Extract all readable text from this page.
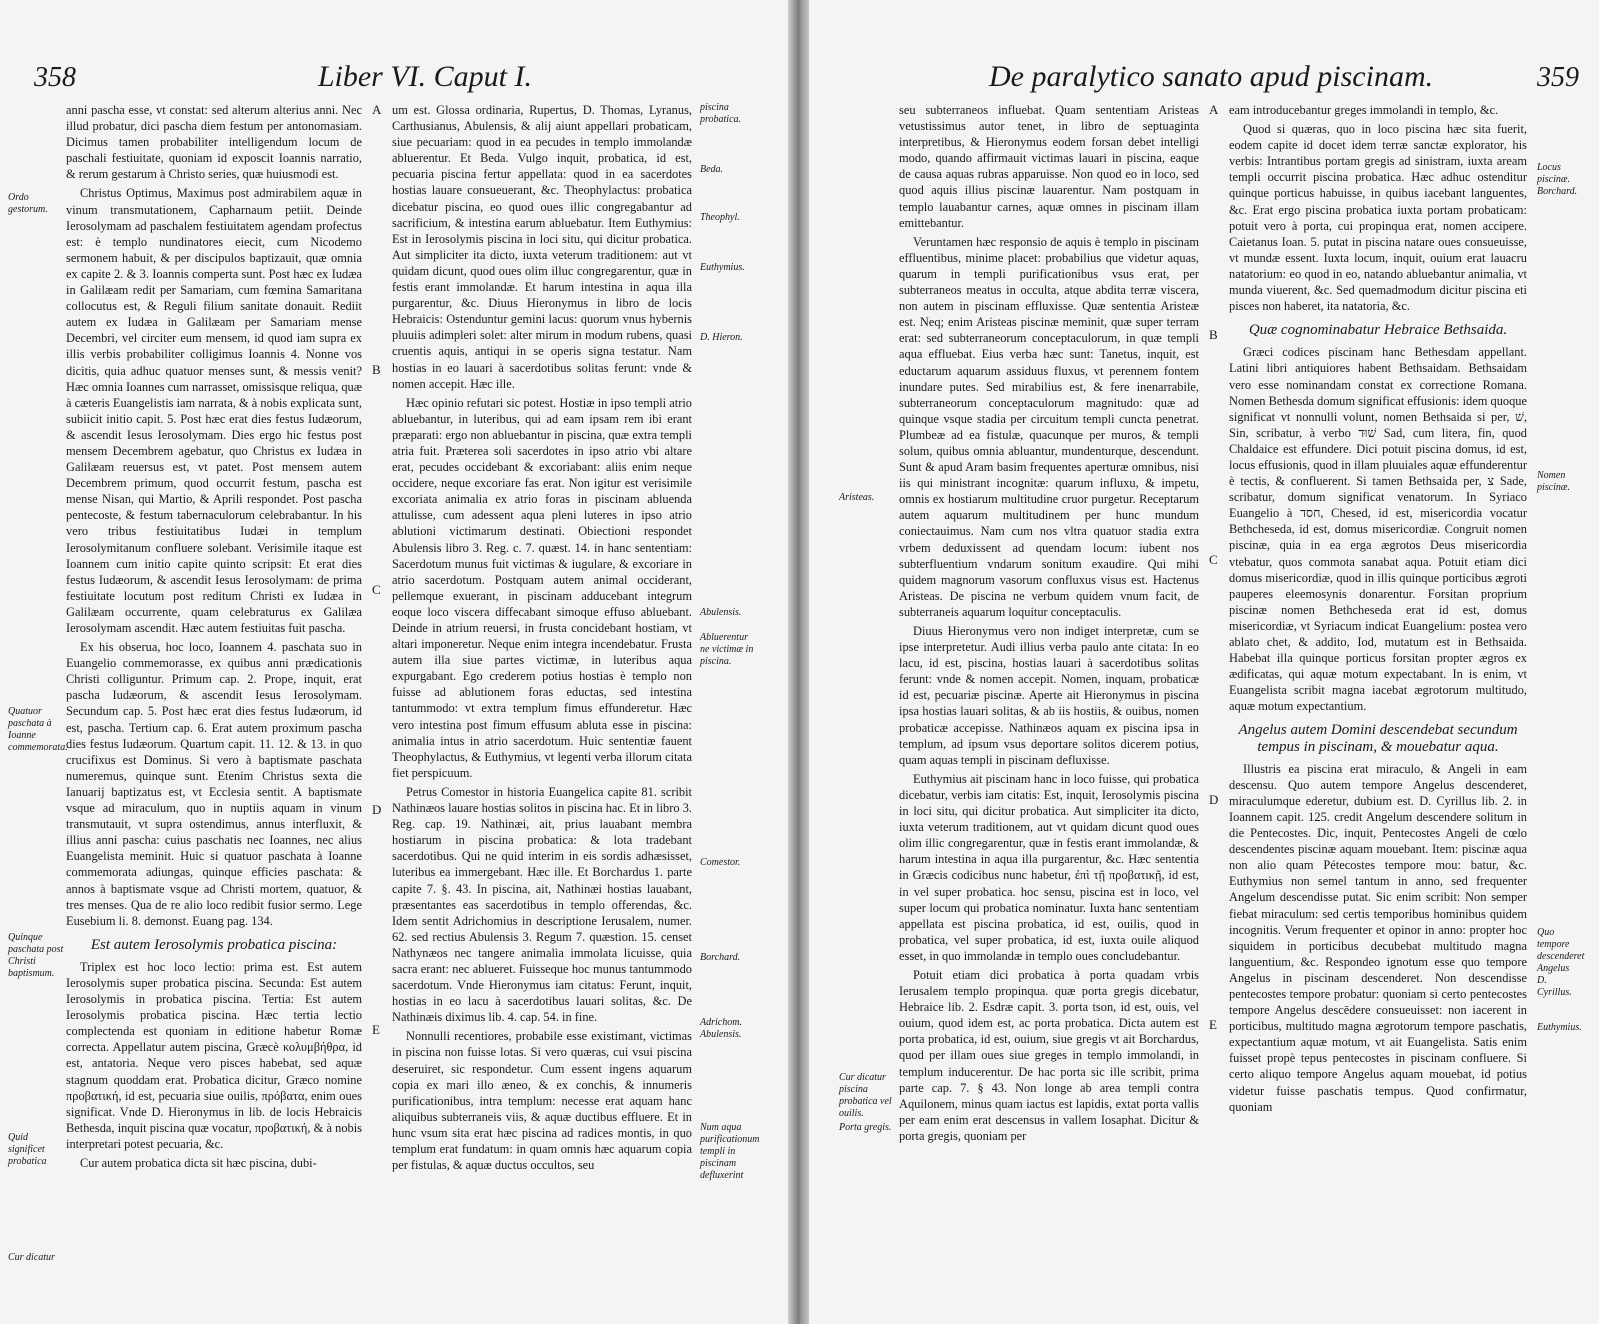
358	Liber VI. Caput I.
Ordo gestorum.
Quatuor paschata à Ioanne commemorata.
Quinque paschata post Christi baptismum.
Quid significet probatica
Cur dicatur

anni pascha esse, vt constat: sed alterum alterius anni. Nec illud probatur, dici pascha diem festum per antonomasiam. Dicimus tamen probabiliter intelligendum locum de paschali festiuitate, quoniam id exposcit Ioannis narratio, & rerum gestarum à Christo series, quæ huiusmodi est.

Christus Optimus, Maximus post admirabilem aquæ in vinum transmutationem, Capharnaum petiit. Deinde Ierosolymam ad paschalem festiuitatem agendam profectus est: è templo nundinatores eiecit, cum Nicodemo sermonem habuit, & per discipulos baptizauit, quæ omnia ex capite 2. & 3. Ioannis comperta sunt. Post hæc ex Iudæa in Galilæam redit per Samariam, cum fœmina Samaritana collocutus est, & Reguli filium sanitate donauit. Rediit autem ex Iudæa in Galilæam per Samariam mense Decembri, vel circiter eum mensem, id quod iam supra ex illis verbis probabiliter colligimus Ioannis 4. Nonne vos dicitis, quia adhuc quatuor menses sunt, & messis venit? Hæc omnia Ioannes cum narrasset, omissisque reliqua, quæ à cæteris Euangelistis iam narrata, & à nobis explicata sunt, subiicit initio capit. 5. Post hæc erat dies festus Iudæorum, & ascendit Iesus Ierosolymam. Dies ergo hic festus post mensem Decembrem agebatur, quo Christus ex Iudæa in Galilæam reuersus est, vt patet. Post mensem autem Decembrem primum, quod occurrit festum, pascha est mense Nisan, qui Martio, & Aprili respondet. Post pascha pentecoste, & festum tabernaculorum celebrabantur. In his vero tribus festiuitatibus Iudæi in templum Ierosolymitanum confluere solebant. Verisimile itaque est Ioannem cum initio capite quinto scripsit: Et erat dies festus Iudæorum, & ascendit Iesus Ierosolymam: de prima festiuitate locutum post reditum Christi ex Iudæa in Galilæam occurrente, quam celebraturus ex Galilæa Ierosolymam ascendit. Hæc autem festiuitas fuit pascha.

Ex his obserua, hoc loco, Ioannem 4. paschata suo in Euangelio commemorasse, ex quibus anni prædicationis Christi colliguntur. Primum cap. 2. Prope, inquit, erat pascha Iudæorum, & ascendit Iesus Ierosolymam. Secundum cap. 5. Post hæc erat dies festus Iudæorum, id est, pascha. Tertium cap. 6. Erat autem proximum pascha dies festus Iudæorum. Quartum capit. 11. 12. & 13. in quo crucifixus est Dominus. Si vero à baptismate paschata numeremus, quinque sunt. Etenim Christus sexta die Ianuarij baptizatus est, vt Ecclesia sentit. A baptismate vsque ad miraculum, quo in nuptiis aquam in vinum transmutauit, vt supra ostendimus, annus interfluxit, & illius anni pascha: cuius paschatis nec Ioannes, nec alius Euangelista meminit. Huic si quatuor paschata à Ioanne commemorata adiungas, quinque efficies paschata: & annos à baptismate vsque ad Christi mortem, quatuor, & tres menses. Qua de re alio loco redibit fusior sermo. Lege Eusebium li. 8. demonst. Euang pag. 134.

Est autem Ierosolymis probatica piscina:

Triplex est hoc loco lectio: prima est. Est autem Ierosolymis super probatica piscina. Secunda: Est autem Ierosolymis in probatica piscina. Tertia: Est autem Ierosolymis probatica piscina. Hæc tertia lectio complectenda est quoniam in editione habetur Romæ correcta. Appellatur autem piscina, Græcè κολυμβήθρα, id est, antatoria. Neque vero pisces habebat, sed aquæ stagnum quoddam erat. Probatica dicitur, Græco nomine προβατική, id est, pecuaria siue ouilis, πρόβατα, enim oues significat. Vnde D. Hieronymus in lib. de locis Hebraicis Bethesda, inquit piscina quæ vocatur, προβατική, & à nobis interpretari potest pecuaria, &c.

Cur autem probatica dicta sit hæc piscina, dubi-

A
B
C
D
E

um est. Glossa ordinaria, Rupertus, D. Thomas, Lyranus, Carthusianus, Abulensis, & alij aiunt appellari probaticam, siue pecuariam: quod in ea pecudes in templo immolandæ abluerentur. Et Beda. Vulgo inquit, probatica, id est, pecuaria piscina fertur appellata: quod in ea sacerdotes hostias lauare consueuerant, &c. Theophylactus: probatica dicebatur piscina, eo quod oues illic congregabantur ad sacrificium, & intestina earum abluebatur. Item Euthymius: Est in Ierosolymis piscina in loci situ, qui dicitur probatica. Aut simpliciter ita dicto, iuxta veterum traditionem: aut vt quidam dicunt, quod oues olim illuc congregarentur, quæ in festis erant immolandæ. Et harum intestina in aqua illa purgarentur, &c. Diuus Hieronymus in libro de locis Hebraicis: Ostenduntur gemini lacus: quorum vnus hybernis pluuiis adimpleri solet: alter mirum in modum rubens, quasi cruentis aquis, antiqui in se operis signa testatur. Nam hostias in eo lauari à sacerdotibus solitas ferunt: vnde & nomen accepit. Hæc ille.

Hæc opinio refutari sic potest. Hostiæ in ipso templi atrio abluebantur, in luteribus, qui ad eam ipsam rem ibi erant præparati: ergo non abluebantur in piscina, quæ extra templi atria fuit. Præterea soli sacerdotes in ipso atrio vbi altare erat, pecudes occidebant & excoriabant: aliis enim neque occidere, neque excoriare fas erat. Non igitur est verisimile excoriata animalia ex atrio foras in piscinam abluenda attulisse, cum adessent aqua pleni luteres in ipso atrio ablutioni victimarum destinati. Obiectioni respondet Abulensis libro 3. Reg. c. 7. quæst. 14. in hanc sententiam: Sacerdotum munus fuit victimas & iugulare, & excoriare in atrio sacerdotum. Postquam autem animal occiderant, pellemque exuerant, in piscinam adducebant integrum eoque loco viscera diffecabant simoque effuso abluebant. Deinde in atrium reuersi, in frusta concidebant hostiam, vt altari imponeretur. Neque enim integra incendebatur. Frusta autem illa siue partes victimæ, in luteribus aqua expurgabant. Ego crederem potius hostias è templo non fuisse ad ablutionem foras eductas, sed intestina tantummodo: vt extra templum fimus effunderetur. Hæc vero intestina post fimum effusum abluta esse in piscina: animalia intus in atrio sacerdotum. Huic sententiæ fauent Theophylactus, & Euthymius, vt legenti verba illorum citata fiet perspicuum.

Petrus Comestor in historia Euangelica capite 81. scribit Nathinæos lauare hostias solitos in piscina hac. Et in libro 3. Reg. cap. 19. Nathinæi, ait, prius lauabant membra hostiarum in piscina probatica: & lota tradebant sacerdotibus. Qui ne quid interim in eis sordis adhæsisset, luteribus ea immergebant. Hæc ille. Et Borchardus 1. parte capite 7. §. 43. In piscina, ait, Nathinæi hostias lauabant, præsentantes eas sacerdotibus in templo offerendas, &c. Idem sentit Adrichomius in descriptione Ierusalem, numer. 62. sed rectius Abulensis 3. Regum 7. quæstion. 15. censet Nathynæos nec tangere animalia immolata licuisse, quia sacra erant: nec ablueret. Fuisseque hoc munus tantummodo sacerdotum. Vnde Hieronymus iam citatus: Ferunt, inquit, hostias in eo lacu à sacerdotibus lauari solitas, &c. De Nathinæis diximus lib. 4. cap. 54. in fine.

Nonnulli recentiores, probabile esse existimant, victimas in piscina non fuisse lotas. Si vero quæras, cui vsui piscina deseruiret, sic respondetur. Cum essent ingens aquarum copia ex mari illo æneo, & ex conchis, & innumeris purificationibus, intra templum: necesse erat aquam hanc aliquibus subterraneis viis, & aquæ ductibus effluere. Et in hunc vsum sita erat hæc piscina ad radices montis, in quo templum erat fundatum: in quam omnis hæc aquarum copia per fistulas, & aquæ ductus occultos, seu

piscina probatica.
Beda.
Theophyl.
Euthymius.
D. Hieron.
Abulensis.
Abluerentur ne victimæ in piscina.
Comestor.
Borchard.
Adrichom. Abulensis.
Num aqua purificationum templi in piscinam defluxerint
De paralytico sanato apud piscinam.	359
Aristeas.
Cur dicatur piscina probatica vel ouilis.
Porta gregis.

seu subterraneos influebat. Quam sententiam Aristeas vetustissimus autor tenet, in libro de septuaginta interpretibus, & Hieronymus eodem forsan debet intelligi modo, quando affirmauit victimas lauari in piscina, eaque de causa aquas rubras apparuisse. Non quod eo in loco, sed quod aquis illius piscinæ lauarentur. Nam postquam in templo lauabantur carnes, aquæ omnes in piscinam illam emittebantur.

Veruntamen hæc responsio de aquis è templo in piscinam effluentibus, minime placet: probabilius que videtur aquas, quarum in templi purificationibus vsus erat, per subterraneos meatus in occulta, atque abdita terræ viscera, non autem in piscinam effluxisse. Quæ sententia Aristeæ est. Neq; enim Aristeas piscinæ meminit, quæ super terram erat: sed subterraneorum conceptaculorum, in quæ templi aqua effluebat. Eius verba hæc sunt: Tanetus, inquit, est eductarum aquarum assiduus fluxus, vt perennem fontem inundare putes. Sed mirabilius est, & fere inenarrabile, subterraneorum conceptaculorum magnitudo: quæ ad quinque vsque stadia per circuitum templi cuncta penetrat. Plumbeæ ad ea fistulæ, quacunque per muros, & templi solum, quibus omnia abluantur, mundenturque, descendunt. Sunt & apud Aram basim frequentes aperturæ omnibus, nisi iis qui ministrant incognitæ: quarum influxu, & impetu, omnis ex hostiarum multitudine cruor purgetur. Receptarum autem aquarum multitudinem per hunc mundum coniectauimus. Nam cum nos vltra quatuor stadia extra vrbem deduxissent ad quendam locum: iubent nos subterfluentium vndarum sonitum exaudire. Qui mihi quidem magnorum vasorum confluxus visus est. Hactenus Aristeas. De piscina ne verbum quidem vnum facit, de subterraneis aquarum loquitur conceptaculis.

Diuus Hieronymus vero non indiget interpretæ, cum se ipse interpretetur. Audi illius verba paulo ante citata: In eo lacu, id est, piscina, hostias lauari à sacerdotibus solitas ferunt: vnde & nomen accepit. Nomen, inquam, probaticæ id est, pecuariæ piscinæ. Aperte ait Hieronymus in piscina ipsa hostias lauari solitas, & ab iis hostiis, & ouibus, nomen probaticæ accepisse. Nathinæos aquam ex piscina ipsa in templum, ad ipsum vsus deportare solitos dicerem potius, quam aquas templi in piscinam defluxisse.

Euthymius ait piscinam hanc in loco fuisse, qui probatica dicebatur, verbis iam citatis: Est, inquit, Ierosolymis piscina in loci situ, qui dicitur probatica. Aut simpliciter ita dicto, iuxta veterum traditionem, aut vt quidam dicunt quod oues olim illic congregarentur, quæ in festis erant immolandæ, & harum intestina in aqua illa purgarentur, &c. Hæc sententia in Græcis codicibus nunc habetur, ἐπὶ τῇ προβατικῇ, id est, in vel super probatica. hoc sensu, piscina est in loco, vel super locum qui probatica nominatur. Iuxta hanc sententiam appellata est piscina probatica, id est, ouilis, quod in probatica, vel super probatica, id est, iuxta ouile aliquod esset, in quo immolandæ in templo oues concludebantur.

Potuit etiam dici probatica à porta quadam vrbis Ierusalem templo propinqua. quæ porta gregis dicebatur, Hebraice lib. 2. Esdræ capit. 3. porta tson, id est, ouis, vel ouium, quod idem est, ac porta probatica. Dicta autem est porta probatica, id est, ouium, siue gregis vt ait Borchardus, quod per illam oues siue greges in templo immolandi, in templum inducerentur. De hac porta sic ille scribit, prima parte cap. 7. § 43. Non longe ab area templi contra Aquilonem, minus quam iactus est lapidis, extat porta vallis per eam enim erat descensus in vallem Iosaphat. Dicitur & porta gregis, quoniam per

A
B
C
D
E

eam introducebantur greges immolandi in templo, &c.

Quod si quæras, quo in loco piscina hæc sita fuerit, eodem capite id docet idem terræ sanctæ explorator, his verbis: Intrantibus portam gregis ad sinistram, iuxta aream templi occurrit piscina probatica. Hæc adhuc ostenditur quinque porticus habuisse, in quibus iacebant languentes, &c. Erat ergo piscina probatica iuxta portam probaticam: potuit vero à porta, cui propinqua erat, nomen accipere. Caietanus Ioan. 5. putat in piscina natare oues consueuisse, vt mundæ essent. Iuxta locum, inquit, ouium erat lauacru natatorium: eo quod in eo, natando abluebantur animalia, vt munda viuerent, &c. Sed quemadmodum dicitur piscina eti pisces non haberet, ita natatoria, &c.

Quæ cognominabatur Hebraice Bethsaida.

Græci codices piscinam hanc Bethesdam appellant. Latini libri antiquiores habent Bethsaidam. Bethsaidam vero esse nominandam constat ex correctione Romana. Nomen Bethesda domum significat effusionis: idem quoque significat vt nonnulli volunt, nomen Bethsaida si per, שׁ, Sin, scribatur, à verbo שׁוּד Sad, cum litera, fin, quod Chaldaice est effundere. Dici potuit piscina domus, id est, locus effusionis, quod in illam pluuiales aquæ effunderentur è tectis, & confluerent. Si tamen Bethsaida per, צ Sade, scribatur, domum significat venatorum. In Syriaco Euangelio à חסד, Chesed, id est, misericordia vocatur Bethcheseda, id est, domus misericordiæ. Congruit nomen piscinæ, quia in ea erga ægrotos Deus misericordia vtebatur, quos commota sanabat aqua. Potuit etiam dici domus misericordiæ, quod in illis quinque porticibus ægroti pauperes eleemosynis donarentur. Forsitan proprium piscinæ nomen Bethcheseda erat id est, domus misericordiæ, vt Syriacum indicat Euangelium: postea vero ablato chet, & addito, Iod, mutatum est in Bethsaida. Habebat illa quinque porticus forsitan propter ægros ex ædificatas, qui aquæ motum expectabant. In is enim, vt Euangelista scribit magna iacebat ægrotorum multitudo, aquæ motum expectantium.

Angelus autem Domini descendebat secundum tempus in piscinam, & mouebatur aqua.

Illustris ea piscina erat miraculo, & Angeli in eam descensu. Quo autem tempore Angelus descenderet, miraculumque ederetur, dubium est. D. Cyrillus lib. 2. in Ioannem capit. 125. credit Angelum descendere solitum in die Pentecostes. Dic, inquit, Pentecostes Angeli de cœlo descendentes piscinæ aquam mouebant. Item: piscinæ aqua non alio quam Pétecostes tempore mou: batur, &c. Euthymius non semel tantum in anno, sed frequenter Angelum descendisse putat. Sic enim scribit: Non semper fiebat miraculum: sed certis temporibus hominibus quidem incognitis. Verum frequenter et opinor in anno: propter hoc siquidem in porticibus decubebat multitudo magna languentium, &c. Respondeo ignotum esse quo tempore Angelus in piscinam descenderet. Non descendisse pentecostes tempore probatur: quoniam si certo pentecostes tempore Angelus descēdere consueuisset: non iacerent in porticibus, multitudo magna ægrotorum tempore paschatis, expectantium aquæ motum, vt ait Euangelista. Satis enim fuisset propè tepus pentecostes in piscinam confluere. Si certo aliquo tempore Angelus aquam mouebat, id potius videtur fuisse paschatis tempus. Quod confirmatur, quoniam

Locus piscinæ. Borchard.
Nomen piscinæ.
Quo tempore descenderet Angelus D. Cyrillus.
Euthymius.
